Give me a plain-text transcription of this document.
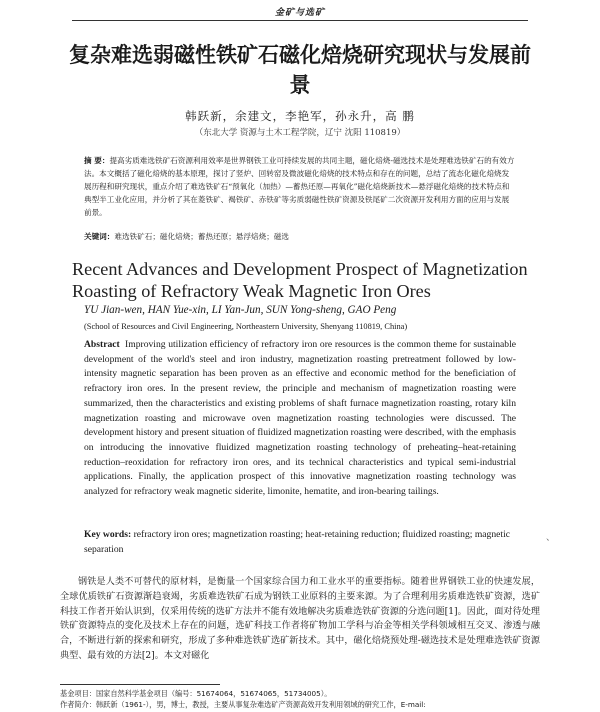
金矿与选矿
复杂难选弱磁性铁矿石磁化焙烧研究现状与发展前景
韩跃新，余建文，李艳军，孙永升，高 鹏
（东北大学 资源与土木工程学院，辽宁 沈阳 110819）
摘 要：提高劣质难选铁矿石资源利用效率是世界钢铁工业可持续发展的共同主题，磁化焙烧-磁选技术是处理难选铁矿石的有效方法。本文概括了磁化焙烧的基本原理，探讨了竖炉、回转窑及微波磁化焙烧的技术特点和存在的问题，总结了流态化磁化焙烧发展历程和研究现状，重点介绍了难选铁矿石“预氧化（加热）—蓄热还原—再氧化”磁化焙烧新技术—悬浮磁化焙烧的技术特点和典型半工业化应用，并分析了其在菱铁矿、褐铁矿、赤铁矿等劣质弱磁性铁矿资源及铁尾矿二次资源开发利用方面的应用与发展前景。
关键词：难选铁矿石；磁化焙烧；蓄热还原；悬浮焙烧；磁选
Recent Advances and Development Prospect of Magnetization Roasting of Refractory Weak Magnetic Iron Ores
YU Jian-wen, HAN Yue-xin, LI Yan-Jun, SUN Yong-sheng, GAO Peng
(School of Resources and Civil Engineering, Northeastern University, Shenyang 110819, China)
Abstract Improving utilization efficiency of refractory iron ore resources is the common theme for sustainable development of the world's steel and iron industry, magnetization roasting pretreatment followed by low-intensity magnetic separation has been proven as an effective and economic method for the beneficiation of refractory iron ores. In the present review, the principle and mechanism of magnetization roasting were summarized, then the characteristics and existing problems of shaft furnace magnetization roasting, rotary kiln magnetization roasting and microwave oven magnetization roasting technologies were discussed. The development history and present situation of fluidized magnetization roasting were described, with the emphasis on introducing the innovative fluidized magnetization roasting technology of preheating–heat-retaining reduction–reoxidation for refractory iron ores, and its technical characteristics and typical semi-industrial applications. Finally, the application prospect of this innovative magnetization roasting technology was analyzed for refractory weak magnetic siderite, limonite, hematite, and iron-bearing tailings.
Key words: refractory iron ores; magnetization roasting; heat-retaining reduction; fluidized roasting; magnetic separation
、
钢铁是人类不可替代的原材料，是衡量一个国家综合国力和工业水平的重要指标。随着世界钢铁工业的快速发展，全球优质铁矿石资源渐趋衰竭，劣质难选铁矿石成为钢铁工业原料的主要来源。为了合理利用劣质难选铁矿资源，选矿科技工作者开始认识到，仅采用传统的选矿方法并不能有效地解决劣质难选铁矿资源的分选问题[1]。因此，面对待处理铁矿资源特点的变化及技术上存在的问题，选矿科技工作者将矿物加工学科与冶金等相关学科领域相互交叉、渗透与融合，不断进行新的探索和研究，形成了多种难选铁矿选矿新技术。其中，磁化焙烧预处理-磁选技术是处理难选铁矿资源典型、最有效的方法[2]。本文对磁化
基金项目：国家自然科学基金项目（编号：51674064，51674065，51734005）。
作者简介：韩跃新（1961-），男，博士，教授，主要从事复杂难选矿产资源高效开发利用领域的研究工作，E-mail:
